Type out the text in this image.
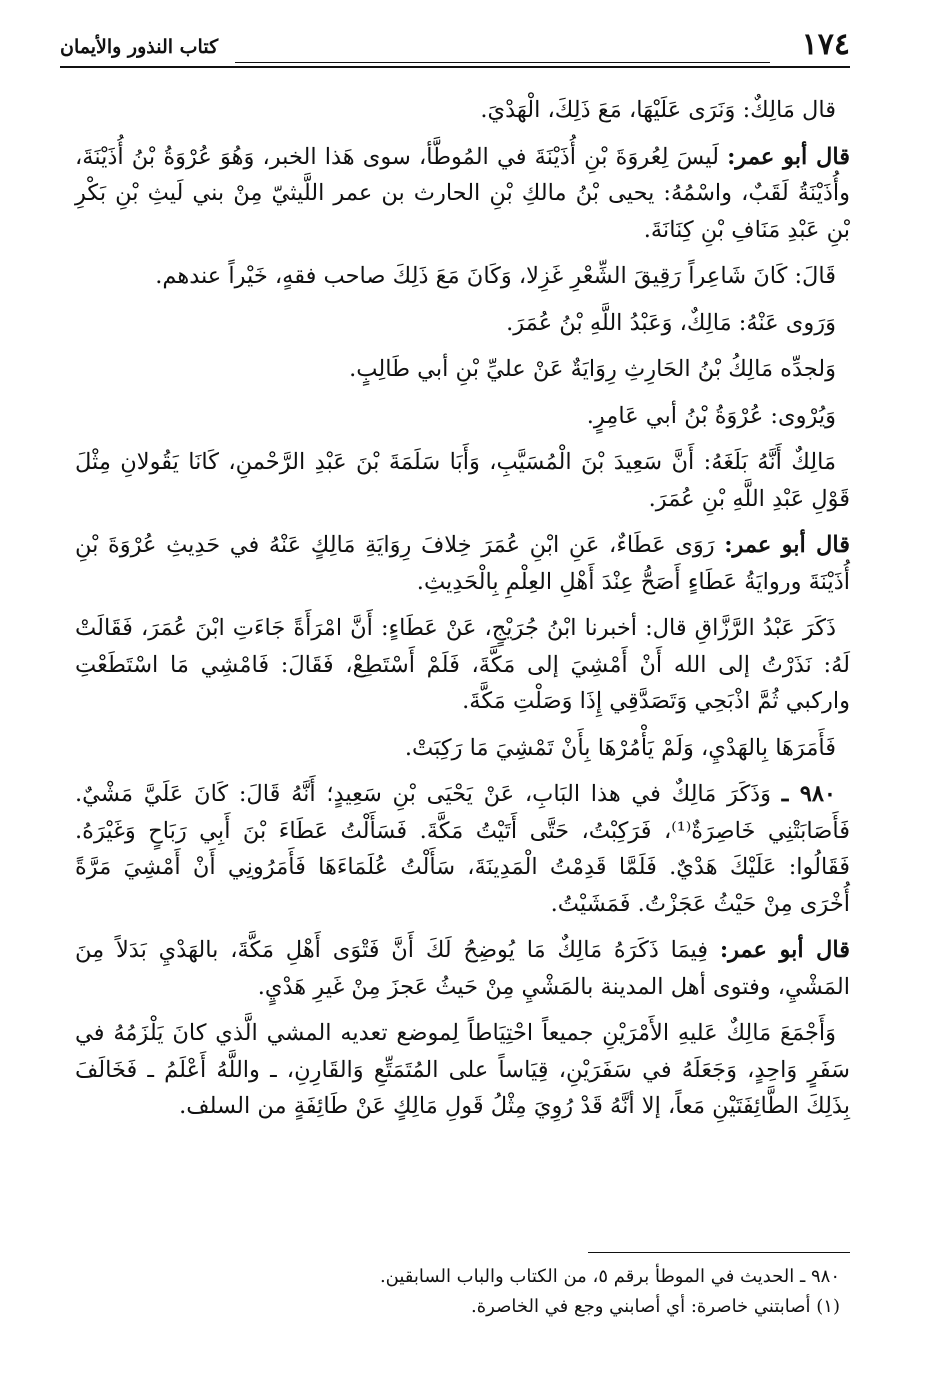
١٧٤
كتاب النذور والأيمان

قال مَالِكٌ: وَنَرَى عَلَيْهَا، مَعَ ذَلِكَ، الْهَدْيَ.

قال أبو عمر: لَيسَ لِعُروَةَ بْنِ أُذَيْنَةَ في المُوطَّأ، سوى هَذا الخبر، وَهُوَ عُرْوَةُ بْنُ أُذَيْنَةَ، وأُذَيْنَةُ لَقَبٌ، واسْمُهُ: يحيى بْنُ مالكِ بْنِ الحارث بن عمر اللَّيثيّ مِنْ بني لَيثِ بْنِ بَكْرِ بْنِ عَبْدِ مَنَافِ بْنِ كِنَانَةَ.

قَالَ: كَانَ شَاعِراً رَقِيقَ الشِّعْرِ غَزِلا، وَكَانَ مَعَ ذَلِكَ صاحب فقهٍ، خَيْراً عندهم.

وَرَوى عَنْهُ: مَالِكٌ، وَعَبْدُ اللَّهِ بْنُ عُمَرَ.

وَلجدِّه مَالِكُ بْنُ الحَارِثِ رِوَايَةٌ عَنْ عليِّ بْنِ أبي طَالِبٍ.

وَيُرْوى: عُرْوَةُ بْنُ أبي عَامِرٍ.

مَالِكٌ أَنَّهُ بَلَغَهُ: أَنَّ سَعِيدَ بْنَ الْمُسَيَّبِ، وَأَبَا سَلَمَةَ بْنَ عَبْدِ الرَّحْمنِ، كَانَا يَقُولانِ مِثْلَ قَوْلِ عَبْدِ اللَّهِ بْنِ عُمَرَ.

قال أبو عمر: رَوَى عَطَاءٌ، عَنِ ابْنِ عُمَرَ خِلافَ رِوَايَةِ مَالِكٍ عَنْهُ في حَدِيثِ عُرْوَةَ بْنِ أُذَيْنَةَ وروايَةُ عَطَاءٍ أَصَحُّ عِنْدَ أَهْلِ العِلْمِ بِالْحَدِيثِ.

ذَكَرَ عَبْدُ الرَّزَّاقِ قال: أخبرنا ابْنُ جُرَيْجٍ، عَنْ عَطَاءٍ: أَنَّ امْرَأَةً جَاءَتِ ابْنَ عُمَرَ، فَقَالَتْ لَهُ: نَذَرْتُ إلى الله أَنْ أَمْشِيَ إلى مَكَّةَ، فَلَمْ أَسْتَطِعْ، فَقَالَ: فَامْشِي مَا اسْتَطَعْتِ واركبي ثُمَّ اذْبَحِي وَتَصَدَّقِي إِذَا وَصَلْتِ مَكَّةَ.

فَأَمَرَهَا بِالهَدْيِ، وَلَمْ يَأْمُرْهَا بِأَنْ تَمْشِيَ مَا رَكِبَتْ.

٩٨٠ ـ وَذَكَرَ مَالِكٌ في هذا البَابِ، عَنْ يَحْيَى بْنِ سَعِيدٍ؛ أَنَّهُ قَالَ: كَانَ عَلَيَّ مَشْيٌ. فَأَصَابَتْنِي خَاصِرَةٌ⁽¹⁾، فَرَكِبْتُ، حَتَّى أَتَيْتُ مَكَّةَ. فَسَأَلْتُ عَطَاءَ بْنَ أَبِي رَبَاحٍ وَغَيْرَهُ. فَقَالُوا: عَلَيْكَ هَدْيٌ. فَلَمَّا قَدِمْتُ الْمَدِينَةَ، سَأَلْتُ عُلَمَاءَهَا فَأَمَرُونِي أَنْ أَمْشِيَ مَرَّةً أُخْرَى مِنْ حَيْثُ عَجَزْتُ. فَمَشَيْتُ.

قال أبو عمر: فِيمَا ذَكَرَهُ مَالِكٌ مَا يُوضِحُ لَكَ أَنَّ فَتْوَى أَهْلِ مَكَّةَ، بالهَدْيِ بَدَلاً مِنَ المَشْيِ، وفتوى أهل المدينة بالمَشْيِ مِنْ حَيثُ عَجزَ مِنْ غَيرِ هَدْيٍ.

وَأَجْمَعَ مَالِكٌ عَليهِ الأَمْرَيْنِ جميعاً احْتِيَاطاً لِموضع تعديه المشي الَّذي كانَ يَلْزَمُهُ في سَفَرٍ وَاحِدٍ، وَجَعَلَهُ في سَفَرَيْنِ، قِيَاساً على المُتَمَتِّعِ وَالقَارِنِ، ـ واللَّهُ أَعْلَمُ ـ فَخَالَفَ بِذَلِكَ الطَّائِفَتَيْنِ مَعاً، إلا أنَّهُ قَدْ رُوِيَ مِثْلُ قَولِ مَالِكٍ عَنْ طَائِفَةٍ من السلف.

٩٨٠ ـ الحديث في الموطأ برقم ٥، من الكتاب والباب السابقين.

(١) أصابتني خاصرة: أي أصابني وجع في الخاصرة.
